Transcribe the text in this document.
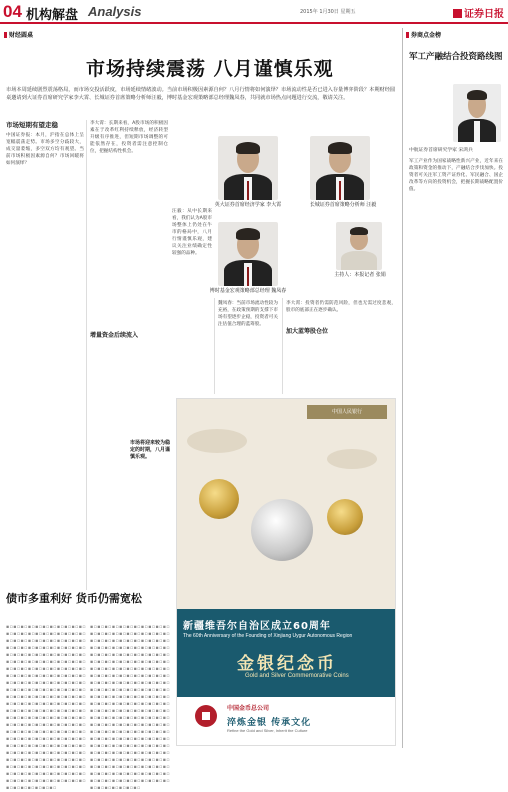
04 机构解盘 Analysis	2015年 1月30日 星期五	证券日报
财经圆桌	券商点金榜
市场持续震荡 八月谨慎乐观
市场本周延续剧烈震荡格局，而市场交投活跃度，市场延续情绪波动。当前市场积极因素源自何？八月行情将如何演绎？市场流动性是否已进入存量博弈阶段？本期财经圆桌邀请到大证券首席研究学家李大霄、长城证券首席策略分析师汪毅，博时基金宏观策略部总经理魏凤春，共同就市场热点问题进行交流，敬请关注。
市场短期有望走稳
中国证券报：本月，沪指在总体上呈宽幅震荡走势。市场多空分歧较大，成交量萎缩，多空双方均有观望。当前市场积极因素源自何？市场回暖将如何演绎？
李大霄：长期来看，A股市场的积极因素在于改革红利持续释放，经济转型升级有序推进，但短期市场调整的可能依然存在，投资者需注意控制仓位，把握结构性机会。
英大证券首席经济学家 李大霄	长城证券首席策略分析师 汪毅
博时基金宏观策略部总经理 魏凤春
主持人：本报记者 张娟
汪毅：从中长期来看，我们认为A股市场整体上仍处在牛市的格局中，八月行情谨慎乐观，建议关注业绩确定性较强的品种。
魏凤春：当前市场流动性较为充裕，在政策预期的支撑下市场有望逐步企稳，投资者可关注估值合理的蓝筹股。
李大霄：投资者仍需防范风险，但也无需过度悲观，股市的底部正在逐步确认。
增量资金后续流入
加大蓝筹股仓位
市场将迎来较为稳定的时期，八月谨慎乐观。
中国人民银行
新疆维吾尔自治区成立60周年
The 60th Anniversary of the Founding of Xinjiang Uygur Autonomous Region
金银纪念币
Gold and Silver Commemorative Coins
中国金币总公司
淬炼金银 传承文化
Refine the Gold and Silver, Inherit the Culture
债市多重利好 货币仍需宽松
▪▫▪▫▪▫▪▫▪▫▪▫▪▫▪▫▪▫▪▫▪▫▪▫▪▫▪▫▪▫▪▫▪▫▪▫▪▫▪▫▪▫▪▫▪▫▪▫▪▫▪▫▪▫▪▫▪▫▪▫▪▫▪▫▪▫▪▫▪▫▪▫▪▫▪▫▪▫▪▫▪▫▪▫▪▫▪▫▪▫▪▫▪▫▪▫▪▫▪▫▪▫▪▫▪▫▪▫▪▫▪▫▪▫▪▫▪▫▪▫▪▫▪▫▪▫▪▫▪▫▪▫▪▫▪▫▪▫▪▫▪▫▪▫▪▫▪▫▪▫▪▫▪▫▪▫▪▫▪▫▪▫▪▫▪▫▪▫▪▫▪▫▪▫▪▫▪▫▪▫▪▫▪▫▪▫▪▫▪▫▪▫▪▫▪▫▪▫▪▫▪▫▪▫▪▫▪▫▪▫▪▫▪▫▪▫▪▫▪▫▪▫▪▫▪▫▪▫▪▫▪▫▪▫▪▫▪▫▪▫▪▫▪▫▪▫▪▫▪▫▪▫▪▫▪▫▪▫▪▫▪▫▪▫▪▫▪▫▪▫▪▫▪▫▪▫▪▫▪▫▪▫▪▫▪▫▪▫▪▫▪▫▪▫▪▫▪▫▪▫▪▫▪▫▪▫▪▫▪▫▪▫▪▫▪▫▪▫▪▫▪▫▪▫▪▫▪▫▪▫▪▫▪▫▪▫▪▫▪▫▪▫▪▫▪▫▪▫▪▫▪▫▪▫▪▫▪▫▪▫▪▫▪▫▪▫▪▫▪▫▪▫▪▫▪▫▪▫▪▫▪▫▪▫▪▫▪▫▪▫▪▫▪▫▪▫▪▫▪▫▪▫▪▫▪▫▪▫▪▫▪▫▪▫▪▫▪▫▪▫▪▫▪▫▪▫▪▫▪▫▪▫▪▫▪▫▪▫▪▫▪▫▪▫▪▫▪▫▪▫▪▫▪▫▪▫▪▫▪▫▪▫▪▫▪▫▪▫▪▫▪▫▪▫▪▫▪▫▪▫▪▫▪▫▪▫▪▫▪▫▪▫▪▫▪▫▪▫▪▫▪▫▪▫▪▫▪▫▪▫▪▫▪▫▪▫▪▫▪▫
▪▫▪▫▪▫▪▫▪▫▪▫▪▫▪▫▪▫▪▫▪▫▪▫▪▫▪▫▪▫▪▫▪▫▪▫▪▫▪▫▪▫▪▫▪▫▪▫▪▫▪▫▪▫▪▫▪▫▪▫▪▫▪▫▪▫▪▫▪▫▪▫▪▫▪▫▪▫▪▫▪▫▪▫▪▫▪▫▪▫▪▫▪▫▪▫▪▫▪▫▪▫▪▫▪▫▪▫▪▫▪▫▪▫▪▫▪▫▪▫▪▫▪▫▪▫▪▫▪▫▪▫▪▫▪▫▪▫▪▫▪▫▪▫▪▫▪▫▪▫▪▫▪▫▪▫▪▫▪▫▪▫▪▫▪▫▪▫▪▫▪▫▪▫▪▫▪▫▪▫▪▫▪▫▪▫▪▫▪▫▪▫▪▫▪▫▪▫▪▫▪▫▪▫▪▫▪▫▪▫▪▫▪▫▪▫▪▫▪▫▪▫▪▫▪▫▪▫▪▫▪▫▪▫▪▫▪▫▪▫▪▫▪▫▪▫▪▫▪▫▪▫▪▫▪▫▪▫▪▫▪▫▪▫▪▫▪▫▪▫▪▫▪▫▪▫▪▫▪▫▪▫▪▫▪▫▪▫▪▫▪▫▪▫▪▫▪▫▪▫▪▫▪▫▪▫▪▫▪▫▪▫▪▫▪▫▪▫▪▫▪▫▪▫▪▫▪▫▪▫▪▫▪▫▪▫▪▫▪▫▪▫▪▫▪▫▪▫▪▫▪▫▪▫▪▫▪▫▪▫▪▫▪▫▪▫▪▫▪▫▪▫▪▫▪▫▪▫▪▫▪▫▪▫▪▫▪▫▪▫▪▫▪▫▪▫▪▫▪▫▪▫▪▫▪▫▪▫▪▫▪▫▪▫▪▫▪▫▪▫▪▫▪▫▪▫▪▫▪▫▪▫▪▫▪▫▪▫▪▫▪▫▪▫▪▫▪▫▪▫▪▫▪▫▪▫▪▫▪▫▪▫▪▫▪▫▪▫▪▫▪▫▪▫▪▫▪▫▪▫▪▫▪▫▪▫▪▫▪▫▪▫▪▫▪▫▪▫▪▫▪▫▪▫▪▫▪▫▪▫▪▫▪▫▪▫▪▫▪▫
军工产融结合投资路线图
中航证券首席研究学家 宋鸿兵
军工产业作为国家战略性新兴产业，近年来在政策和资金的推动下，产融结合步伐加快。投资者可关注军工资产证券化、军民融合、国企改革等方向的投资机会，把握长期战略配置价值。
